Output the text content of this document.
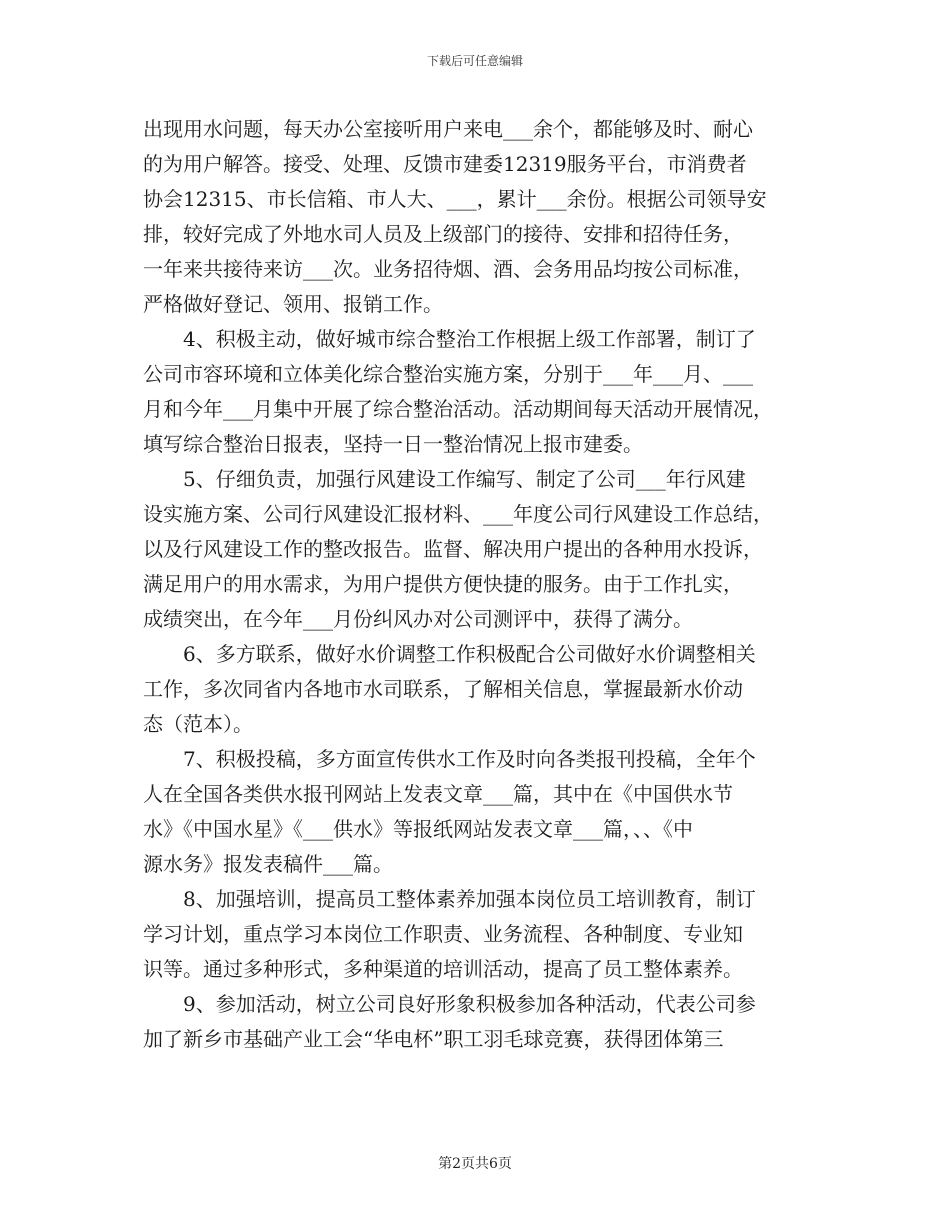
下载后可任意编辑

出现用水问题，每天办公室接听用户来电___余个，都能够及时、耐心
的为用户解答。接受、处理、反馈市建委12319服务平台，市消费者
协会12315、市长信箱、市人大、___，累计___余份。根据公司领导安
排，较好完成了外地水司人员及上级部门的接待、安排和招待任务，
一年来共接待来访___次。业务招待烟、酒、会务用品均按公司标准，
严格做好登记、领用、报销工作。

　　4、积极主动，做好城市综合整治工作根据上级工作部署，制订了
公司市容环境和立体美化综合整治实施方案，分别于___年___月、___
月和今年___月集中开展了综合整治活动。活动期间每天活动开展情况，
填写综合整治日报表，坚持一日一整治情况上报市建委。

　　5、仔细负责，加强行风建设工作编写、制定了公司___年行风建
设实施方案、公司行风建设汇报材料、___年度公司行风建设工作总结，
以及行风建设工作的整改报告。监督、解决用户提出的各种用水投诉，
满足用户的用水需求，为用户提供方便快捷的服务。由于工作扎实，
成绩突出，在今年___月份纠风办对公司测评中，获得了满分。

　　6、多方联系，做好水价调整工作积极配合公司做好水价调整相关
工作，多次同省内各地市水司联系，了解相关信息，掌握最新水价动
态（范本）。

　　7、积极投稿，多方面宣传供水工作及时向各类报刊投稿，全年个
人在全国各类供水报刊网站上发表文章___篇，其中在《中国供水节
水》《中国水星》《___供水》等报纸网站发表文章___篇，、、《中
源水务》报发表稿件___篇。

　　8、加强培训，提高员工整体素养加强本岗位员工培训教育，制订
学习计划，重点学习本岗位工作职责、业务流程、各种制度、专业知
识等。通过多种形式，多种渠道的培训活动，提高了员工整体素养。

　　9、参加活动，树立公司良好形象积极参加各种活动，代表公司参
加了新乡市基础产业工会“华电杯”职工羽毛球竞赛，获得团体第三

第2页共6页
